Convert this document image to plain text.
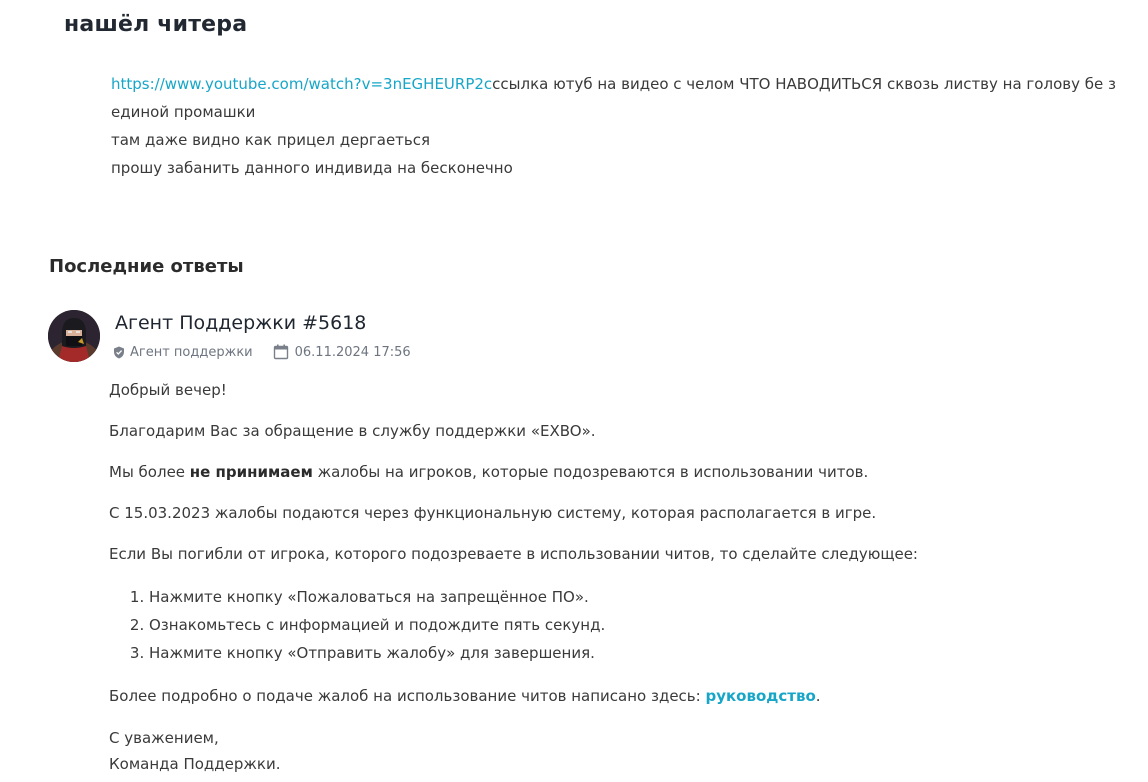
нашёл читера

https://www.youtube.com/watch?v=3nEGHEURP2cссылка ютуб на видео с челом ЧТО НАВОДИТЬСЯ сквозь листву на голову бе з единой промашки

там даже видно как прицел дергаеться

прошу забанить данного индивида на бесконечно

Последние ответы
Агент Поддержки #5618
Агент поддержки	06.11.2024 17:56

Добрый вечер!

Благодарим Вас за обращение в службу поддержки «EXBO».

Мы более не принимаем жалобы на игроков, которые подозреваются в использовании читов.

С 15.03.2023 жалобы подаются через функциональную систему, которая располагается в игре.

Если Вы погибли от игрока, которого подозреваете в использовании читов, то сделайте следующее:

1. Нажмите кнопку «Пожаловаться на запрещённое ПО».
2. Ознакомьтесь с информацией и подождите пять секунд.
3. Нажмите кнопку «Отправить жалобу» для завершения.

Более подробно о подаче жалоб на использование читов написано здесь: руководство.

С уважением,

Команда Поддержки.
